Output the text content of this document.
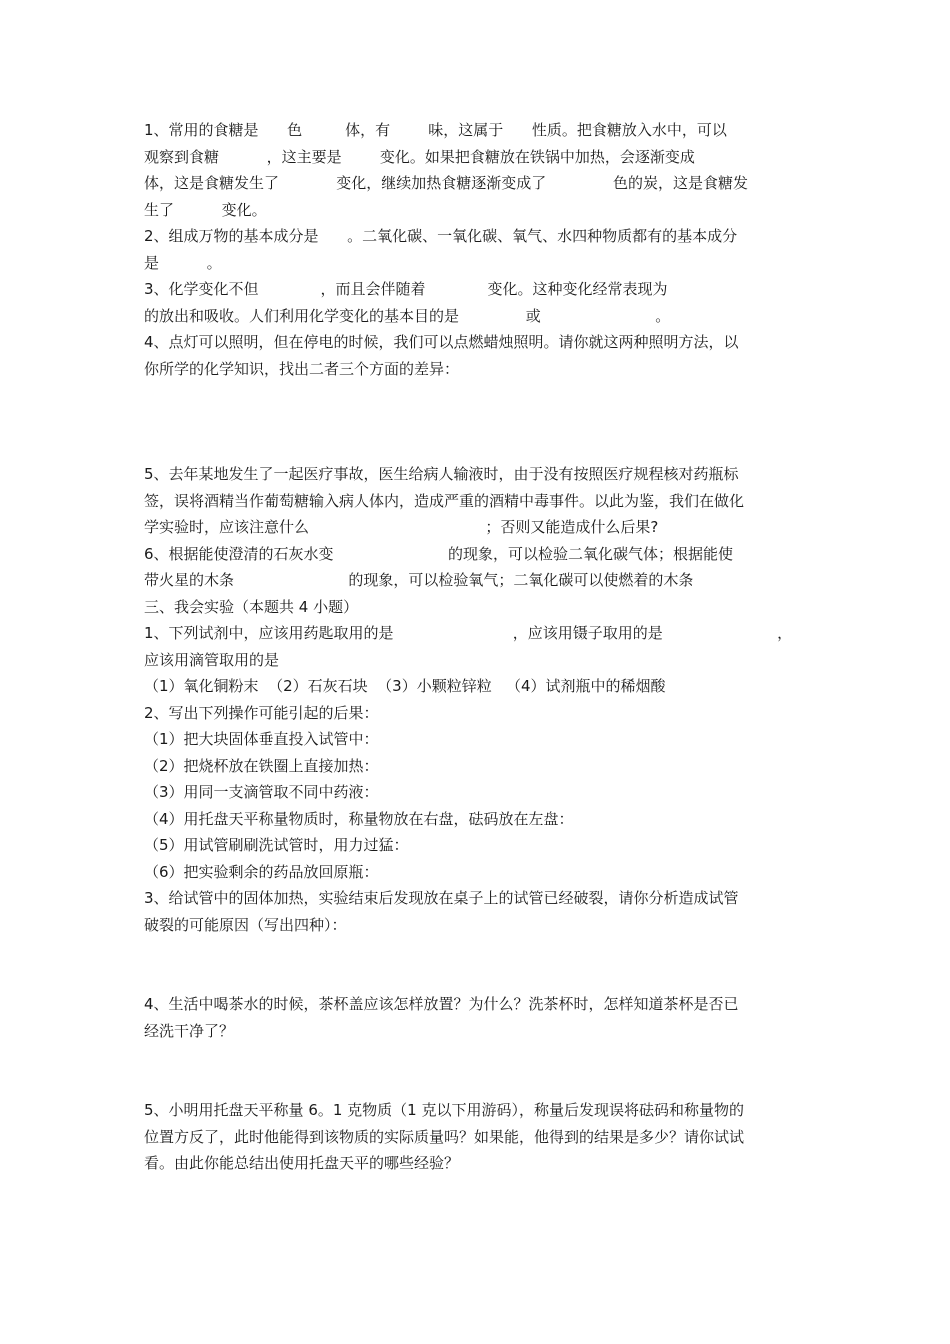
1、常用的食糖是      色         体，有        味，这属于      性质。把食糖放入水中，可以
观察到食糖          ，这主要是        变化。如果把食糖放在铁锅中加热，会逐渐变成
体，这是食糖发生了            变化，继续加热食糖逐渐变成了              色的炭，这是食糖发
生了          变化。
2、组成万物的基本成分是      。二氧化碳、一氧化碳、氧气、水四种物质都有的基本成分
是          。
3、化学变化不但             ，而且会伴随着             变化。这种变化经常表现为
的放出和吸收。人们利用化学变化的基本目的是              或                        。
4、点灯可以照明，但在停电的时候，我们可以点燃蜡烛照明。请你就这两种照明方法，以
你所学的化学知识，找出二者三个方面的差异：
5、去年某地发生了一起医疗事故，医生给病人输液时，由于没有按照医疗规程核对药瓶标
签，误将酒精当作葡萄糖输入病人体内，造成严重的酒精中毒事件。以此为鉴，我们在做化
学实验时，应该注意什么                                     ；否则又能造成什么后果?
6、根据能使澄清的石灰水变                        的现象，可以检验二氧化碳气体；根据能使
带火星的木条                        的现象，可以检验氧气；二氧化碳可以使燃着的木条
三、我会实验（本题共 4 小题）
1、下列试剂中，应该用药匙取用的是                         ，应该用镊子取用的是                        ，
应该用滴管取用的是
（1）氧化铜粉末  （2）石灰石块  （3）小颗粒锌粒   （4）试剂瓶中的稀烟酸
2、写出下列操作可能引起的后果：
（1）把大块固体垂直投入试管中：
（2）把烧杯放在铁圈上直接加热：
（3）用同一支滴管取不同中药液：
（4）用托盘天平称量物质时，称量物放在右盘，砝码放在左盘：
（5）用试管刷刷洗试管时，用力过猛：
（6）把实验剩余的药品放回原瓶：
3、给试管中的固体加热，实验结束后发现放在桌子上的试管已经破裂，请你分析造成试管
破裂的可能原因（写出四种）：
4、生活中喝茶水的时候，茶杯盖应该怎样放置？为什么？洗茶杯时，怎样知道茶杯是否已
经洗干净了？
5、小明用托盘天平称量 6。1 克物质（1 克以下用游码），称量后发现误将砝码和称量物的
位置方反了，此时他能得到该物质的实际质量吗？如果能，他得到的结果是多少？请你试试
看。由此你能总结出使用托盘天平的哪些经验？
